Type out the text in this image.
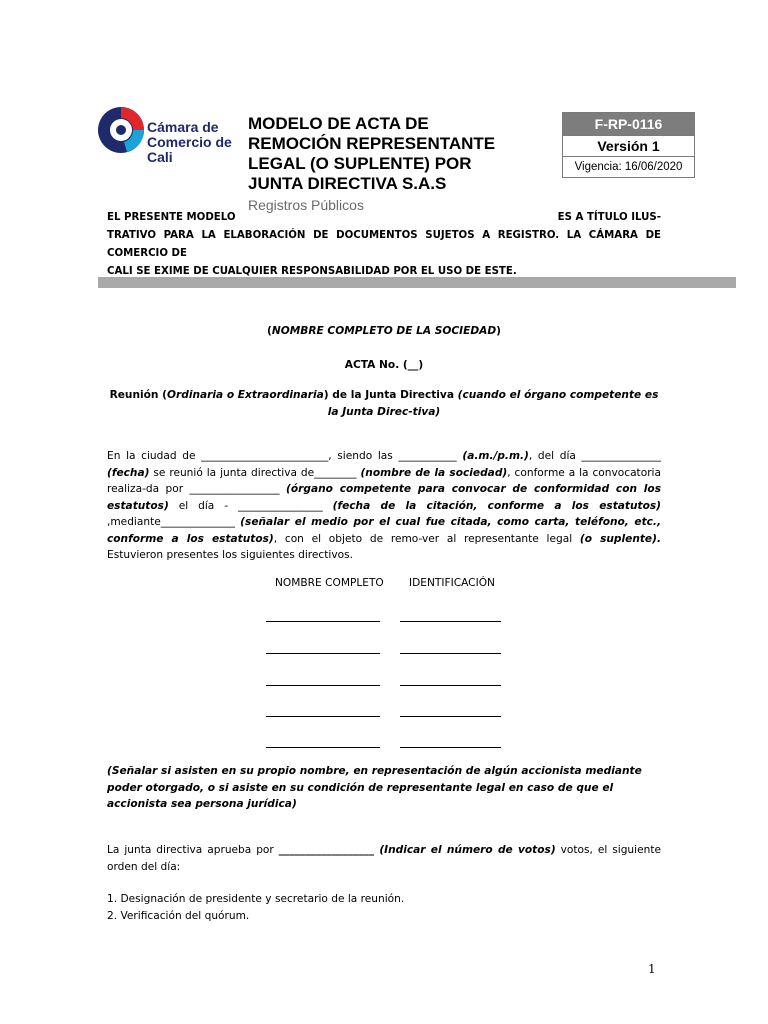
Cámara de
Comercio de
Cali
MODELO DE ACTA DE
REMOCIÓN REPRESENTANTE
LEGAL (O SUPLENTE) POR
JUNTA DIRECTIVA S.A.S
Registros Públicos
F-RP-0116
Versión 1
Vigencia: 16/06/2020
EL PRESENTE MODELO	ES A TÍTULO ILUS-
TRATIVO PARA LA ELABORACIÓN DE DOCUMENTOS SUJETOS A REGISTRO. LA CÁMARA DE COMERCIO DE
CALI SE EXIME DE CUALQUIER RESPONSABILIDAD POR EL USO DE ESTE.
(NOMBRE COMPLETO DE LA SOCIEDAD)
ACTA No. (__)
Reunión (Ordinaria o Extraordinaria) de la Junta Directiva (cuando el órgano competente es la Junta Direc-tiva)
En la ciudad de ________________________, siendo las ___________ (a.m./p.m.), del día _______________ (fecha) se reunió la junta directiva de________ (nombre de la sociedad), conforme a la convocatoria realiza-da por _________________ (órgano competente para convocar de conformidad con los estatutos) el día - ________________ (fecha de la citación, conforme a los estatutos) ,mediante______________ (señalar el medio por el cual fue citada, como carta, teléfono, etc., conforme a los estatutos), con el objeto de remo-ver al representante legal (o suplente). Estuvieron presentes los siguientes directivos.
NOMBRE COMPLETO IDENTIFICACIÓN
(Señalar si asisten en su propio nombre, en representación de algún accionista mediante poder otorgado, o si asiste en su condición de representante legal en caso de que el accionista sea persona jurídica)
La junta directiva aprueba por __________________ (Indicar el número de votos) votos, el siguiente orden del día:
1. Designación de presidente y secretario de la reunión.
2. Verificación del quórum.
1
